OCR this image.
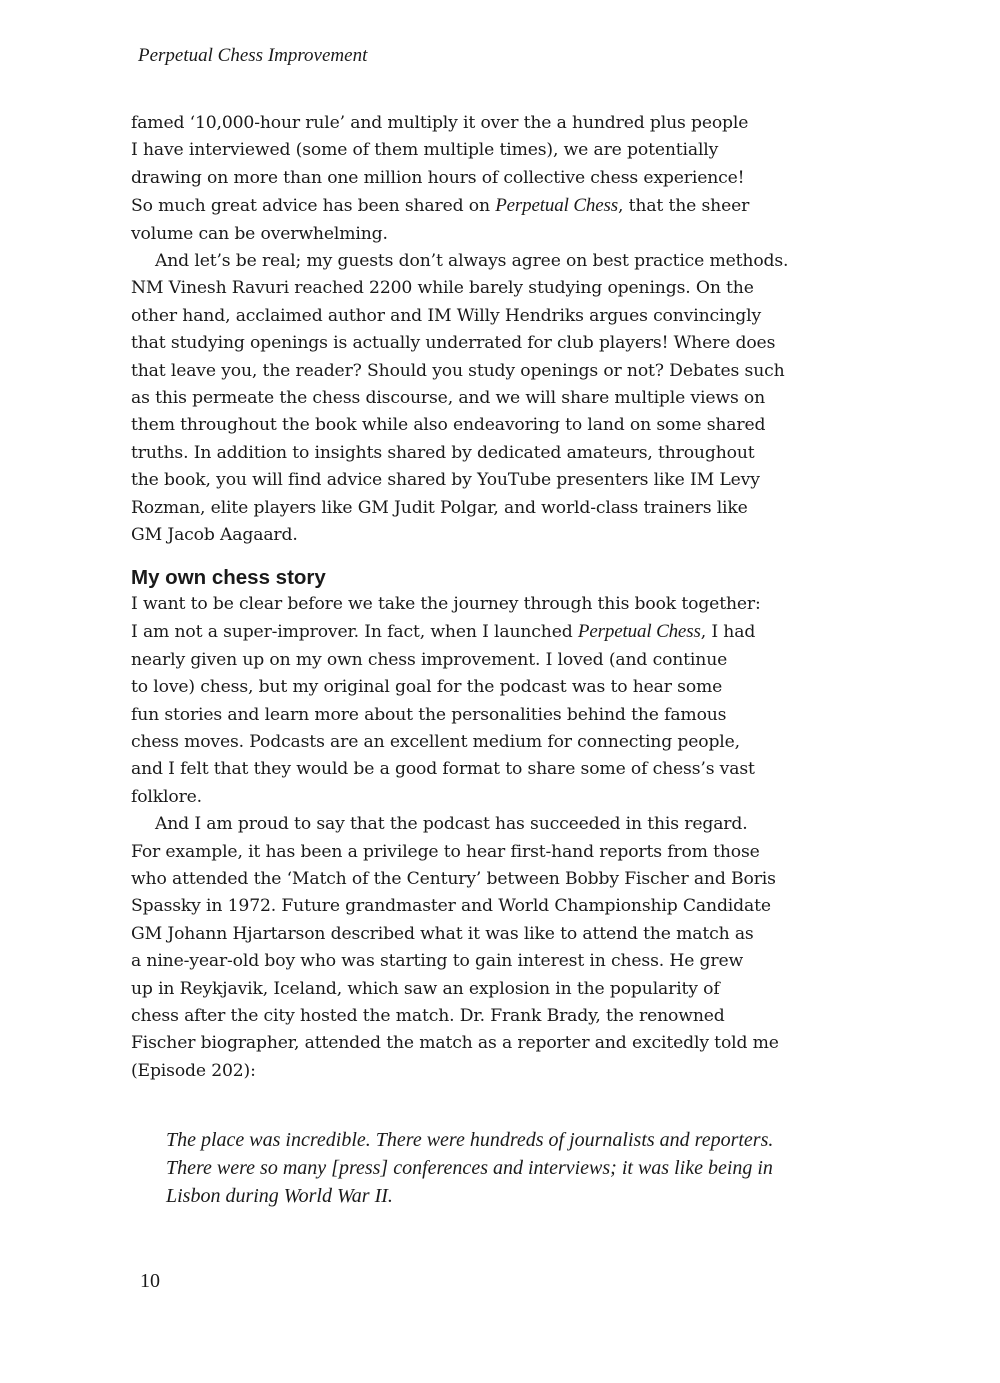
Perpetual Chess Improvement
famed ‘10,000-hour rule’ and multiply it over the a hundred plus people
I have interviewed (some of them multiple times), we are potentially
drawing on more than one million hours of collective chess experience!
So much great advice has been shared on Perpetual Chess, that the sheer
volume can be overwhelming.
And let’s be real; my guests don’t always agree on best practice methods.
NM Vinesh Ravuri reached 2200 while barely studying openings. On the
other hand, acclaimed author and IM Willy Hendriks argues convincingly
that studying openings is actually underrated for club players! Where does
that leave you, the reader? Should you study openings or not? Debates such
as this permeate the chess discourse, and we will share multiple views on
them throughout the book while also endeavoring to land on some shared
truths. In addition to insights shared by dedicated amateurs, throughout
the book, you will find advice shared by YouTube presenters like IM Levy
Rozman, elite players like GM Judit Polgar, and world-class trainers like
GM Jacob Aagaard.
My own chess story
I want to be clear before we take the journey through this book together:
I am not a super-improver. In fact, when I launched Perpetual Chess, I had
nearly given up on my own chess improvement. I loved (and continue
to love) chess, but my original goal for the podcast was to hear some
fun stories and learn more about the personalities behind the famous
chess moves. Podcasts are an excellent medium for connecting people,
and I felt that they would be a good format to share some of chess’s vast
folklore.
And I am proud to say that the podcast has succeeded in this regard.
For example, it has been a privilege to hear first-hand reports from those
who attended the ‘Match of the Century’ between Bobby Fischer and Boris
Spassky in 1972. Future grandmaster and World Championship Candidate
GM Johann Hjartarson described what it was like to attend the match as
a nine-year-old boy who was starting to gain interest in chess. He grew
up in Reykjavik, Iceland, which saw an explosion in the popularity of
chess after the city hosted the match. Dr. Frank Brady, the renowned
Fischer biographer, attended the match as a reporter and excitedly told me
(Episode 202):
The place was incredible. There were hundreds of journalists and reporters.
There were so many [press] conferences and interviews; it was like being in
Lisbon during World War II.
10
